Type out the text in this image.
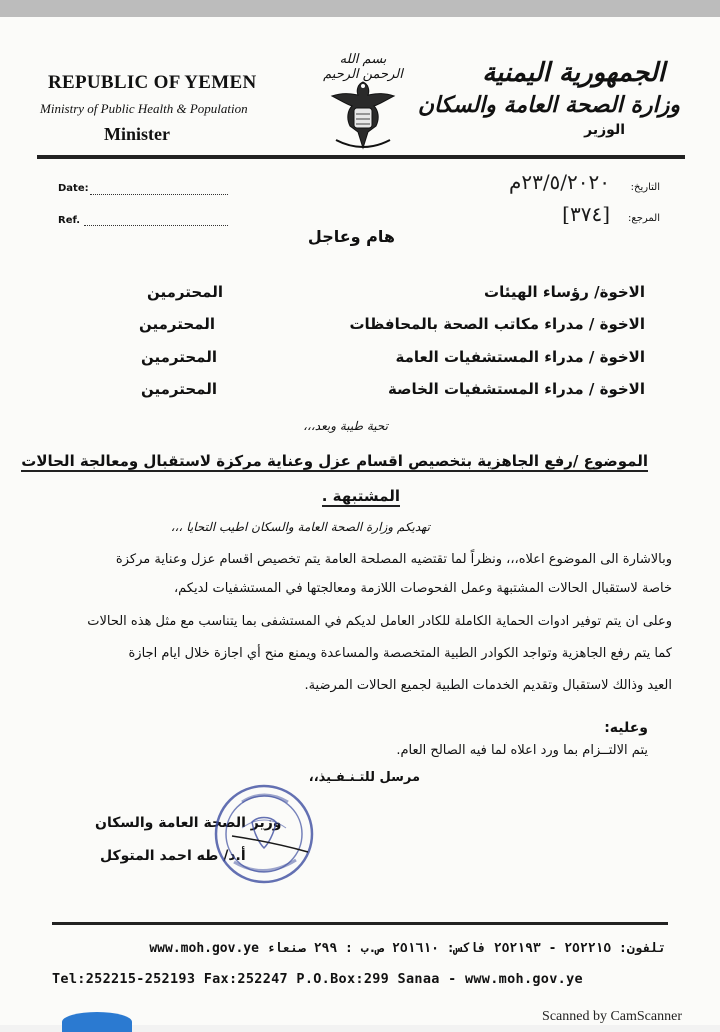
REPUBLIC OF YEMEN
Ministry of Public Health & Population
Minister
بسم الله الرحمن الرحيم	الجمهورية اليمنية
وزارة الصحة العامة والسكان
الوزير
Date:
Ref.
التاريخ:
٢٣/٥/٢٠٢٠م
المرجع:
[٣٧٤]
هام وعاجل
الاخوة/ رؤساء الهيئات
المحترمين
الاخوة / مدراء مكاتب الصحة بالمحافظات
المحترمين
الاخوة / مدراء المستشفيات العامة
المحترمين
الاخوة / مدراء المستشفيات الخاصة
المحترمين
تحية طيبة وبعد،،،
الموضوع /رفع الجاهزية بتخصيص اقسام عزل وعناية مركزة لاستقبال ومعالجة الحالات
المشتبهة .
تهديكم وزارة الصحة العامة والسكان اطيب التحايا ،،،
وبالاشارة الى الموضوع اعلاه،،، ونظراً لما تقتضيه المصلحة العامة يتم تخصيص اقسام عزل وعناية مركزة
خاصة لاستقبال الحالات المشتبهة وعمل الفحوصات اللازمة ومعالجتها في المستشفيات لديكم،
وعلى ان يتم توفير ادوات الحماية الكاملة للكادر العامل لديكم في المستشفى بما يتناسب مع مثل هذه الحالات
كما يتم رفع الجاهزية وتواجد الكوادر الطبية المتخصصة والمساعدة ويمنع منح أي اجازة خلال ايام اجازة
العيد وذالك لاستقبال وتقديم الخدمات الطبية لجميع الحالات المرضية.
وعليه:
يتم الالتــزام بما ورد اعلاه لما فيه الصالح العام.
مرسل للتـنـفـيذ،،
وزير الصحة العامة والسكان
أ.د/ طه احمد المتوكل
تلفون: ٢٥٢٢١٥ - ٢٥٢١٩٣ فاكس: ٢٥١٦١٠ ص.ب : ٢٩٩ صنعاء www.moh.gov.ye
Tel:252215-252193 Fax:252247 P.O.Box:299 Sanaa - www.moh.gov.ye
Scanned by CamScanner
